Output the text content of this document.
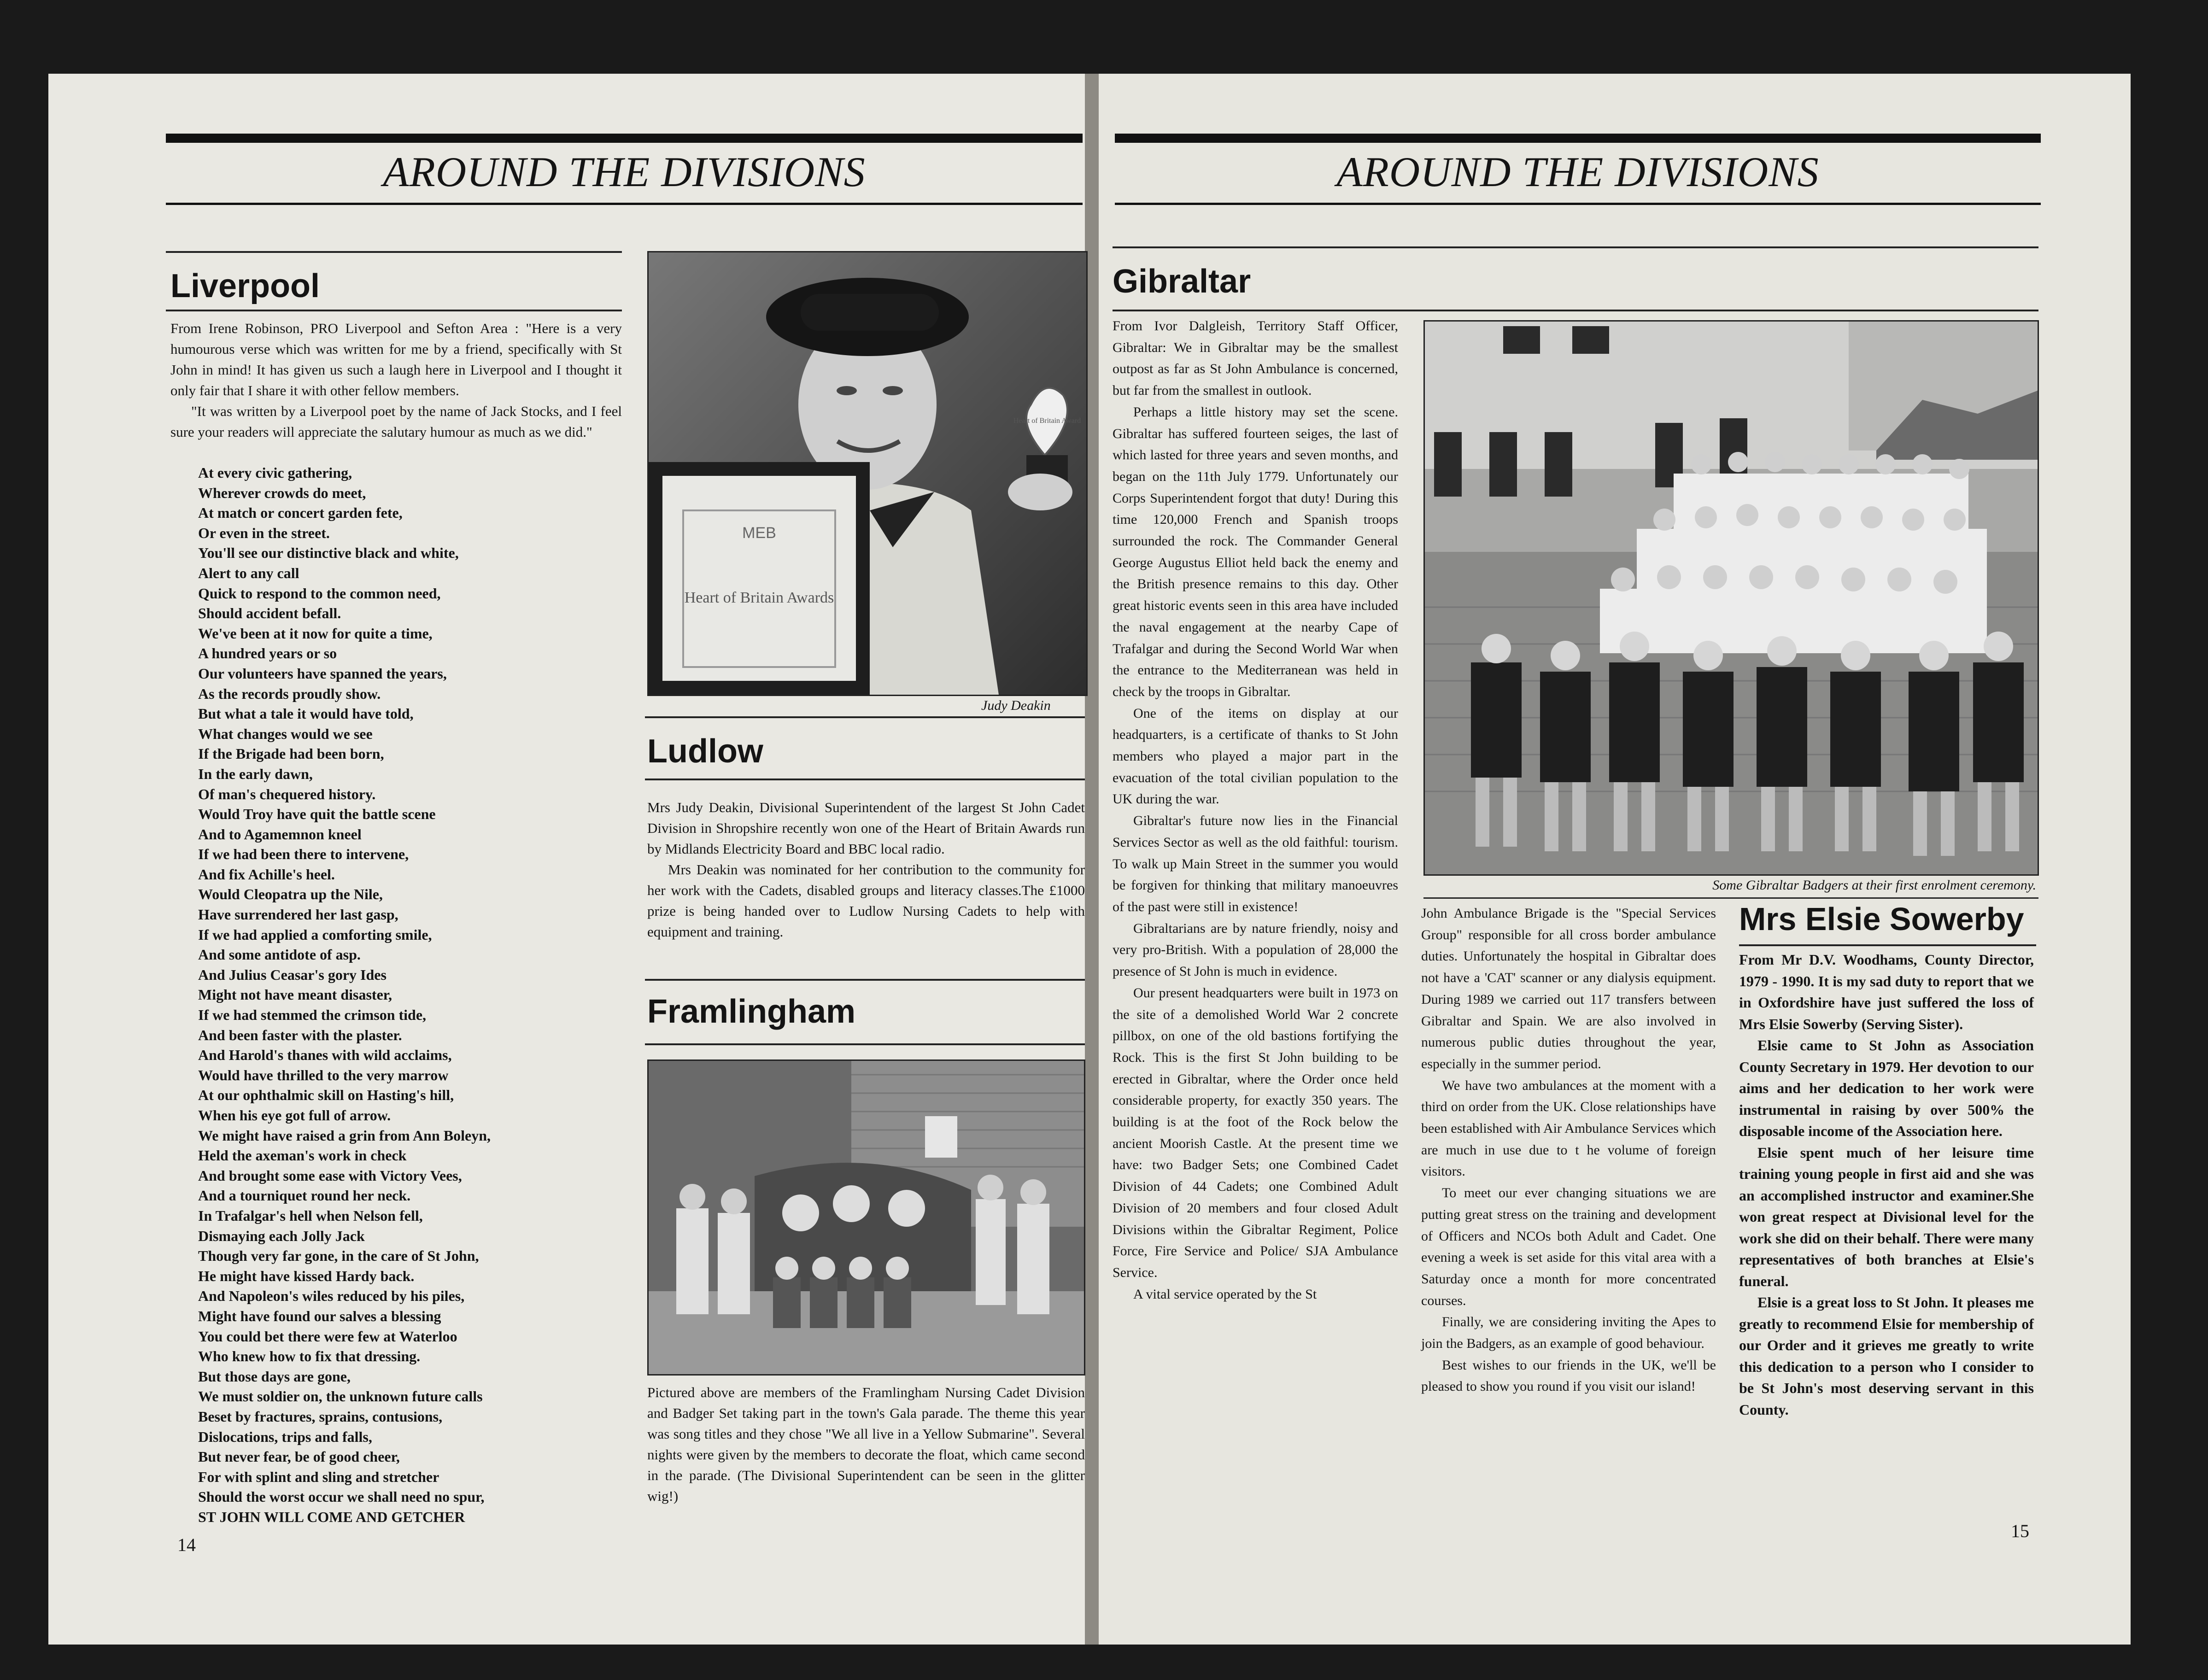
AROUND THE DIVISIONS	AROUND THE DIVISIONS
Liverpool

From Irene Robinson, PRO Liverpool and Sefton Area : "Here is a very humourous verse which was written for me by a friend, specifically with St John in mind! It has given us such a laugh here in Liverpool and I thought it only fair that I share it with other fellow members.

"It was written by a Liverpool poet by the name of Jack Stocks, and I feel sure your readers will appreciate the salutary humour as much as we did."

At every civic gathering,
Wherever crowds do meet,
At match or concert garden fete,
Or even in the street.
You'll see our distinctive black and white,
Alert to any call
Quick to respond to the common need,
Should accident befall.
We've been at it now for quite a time,
A hundred years or so
Our volunteers have spanned the years,
As the records proudly show.
But what a tale it would have told,
What changes would we see
If the Brigade had been born,
In the early dawn,
Of man's chequered history.
Would Troy have quit the battle scene
And to Agamemnon kneel
If we had been there to intervene,
And fix Achille's heel.
Would Cleopatra up the Nile,
Have surrendered her last gasp,
If we had applied a comforting smile,
And some antidote of asp.
And Julius Ceasar's gory Ides
Might not have meant disaster,
If we had stemmed the crimson tide,
And been faster with the plaster.
And Harold's thanes with wild acclaims,
Would have thrilled to the very marrow
At our ophthalmic skill on Hasting's hill,
When his eye got full of arrow.
We might have raised a grin from Ann Boleyn,
Held the axeman's work in check
And brought some ease with Victory Vees,
And a tourniquet round her neck.
In Trafalgar's hell when Nelson fell,
Dismaying each Jolly Jack
Though very far gone, in the care of St John,
He might have kissed Hardy back.
And Napoleon's wiles reduced by his piles,
Might have found our salves a blessing
You could bet there were few at Waterloo
Who knew how to fix that dressing.
But those days are gone,
We must soldier on, the unknown future calls
Beset by fractures, sprains, contusions,
Dislocations, trips and falls,
But never fear, be of good cheer,
For with splint and sling and stretcher
Should the worst occur we shall need no spur,
ST JOHN WILL COME AND GETCHER
14
MEB
Heart of Britain Awards
Heart of Britain Award
Judy Deakin
Ludlow

Mrs Judy Deakin, Divisional Superintendent of the largest St John Cadet Division in Shropshire recently won one of the Heart of Britain Awards run by Midlands Electricity Board and BBC local radio.

Mrs Deakin was nominated for her contribution to the community for her work with the Cadets, disabled groups and literacy classes.The £1000 prize is being handed over to Ludlow Nursing Cadets to help with equipment and training.

Framlingham

Pictured above are members of the Framlingham Nursing Cadet Division and Badger Set taking part in the town's Gala parade. The theme this year was song titles and they chose "We all live in a Yellow Submarine". Several nights were given by the members to decorate the float, which came second in the parade. (The Divisional Superintendent can be seen in the glitter wig!)

Gibraltar

From Ivor Dalgleish, Territory Staff Officer, Gibraltar: We in Gibraltar may be the smallest outpost as far as St John Ambulance is concerned, but far from the smallest in outlook.

Perhaps a little history may set the scene. Gibraltar has suffered fourteen seiges, the last of which lasted for three years and seven months, and began on the 11th July 1779. Unfortunately our Corps Superintendent forgot that duty! During this time 120,000 French and Spanish troops surrounded the rock. The Commander General George Augustus Elliot held back the enemy and the British presence remains to this day. Other great historic events seen in this area have included the naval engagement at the nearby Cape of Trafalgar and during the Second World War when the entrance to the Mediterranean was held in check by the troops in Gibraltar.

One of the items on display at our headquarters, is a certificate of thanks to St John members who played a major part in the evacuation of the total civilian population to the UK during the war.

Gibraltar's future now lies in the Financial Services Sector as well as the old faithful: tourism. To walk up Main Street in the summer you would be forgiven for thinking that military manoeuvres of the past were still in existence!

Gibraltarians are by nature friendly, noisy and very pro-British. With a population of 28,000 the presence of St John is much in evidence.

Our present headquarters were built in 1973 on the site of a demolished World War 2 concrete pillbox, on one of the old bastions fortifying the Rock. This is the first St John building to be erected in Gibraltar, where the Order once held considerable property, for exactly 350 years. The building is at the foot of the Rock below the ancient Moorish Castle. At the present time we have: two Badger Sets; one Combined Cadet Division of 44 Cadets; one Combined Adult Division of 20 members and four closed Adult Divisions within the Gibraltar Regiment, Police Force, Fire Service and Police/ SJA Ambulance Service.

A vital service operated by the St

Some Gibraltar Badgers at their first enrolment ceremony.

John Ambulance Brigade is the "Special Services Group" responsible for all cross border ambulance duties. Unfortunately the hospital in Gibraltar does not have a 'CAT' scanner or any dialysis equipment. During 1989 we carried out 117 transfers between Gibraltar and Spain. We are also involved in numerous public duties throughout the year, especially in the summer period.

We have two ambulances at the moment with a third on order from the UK. Close relationships have been established with Air Ambulance Services which are much in use due to t he volume of foreign visitors.

To meet our ever changing situations we are putting great stress on the training and development of Officers and NCOs both Adult and Cadet. One evening a week is set aside for this vital area with a Saturday once a month for more concentrated courses.

Finally, we are considering inviting the Apes to join the Badgers, as an example of good behaviour.

Best wishes to our friends in the UK, we'll be pleased to show you round if you visit our island!

Mrs Elsie Sowerby

From Mr D.V. Woodhams, County Director, 1979 - 1990. It is my sad duty to report that we in Oxfordshire have just suffered the loss of Mrs Elsie Sowerby (Serving Sister).

Elsie came to St John as Association County Secretary in 1979. Her devotion to our aims and her dedication to her work were instrumental in raising by over 500% the disposable income of the Association here.

Elsie spent much of her leisure time training young people in first aid and she was an accomplished instructor and examiner.She won great respect at Divisional level for the work she did on their behalf. There were many representatives of both branches at Elsie's funeral.

Elsie is a great loss to St John. It pleases me greatly to recommend Elsie for membership of our Order and it grieves me greatly to write this dedication to a person who I consider to be St John's most deserving servant in this County.

15
